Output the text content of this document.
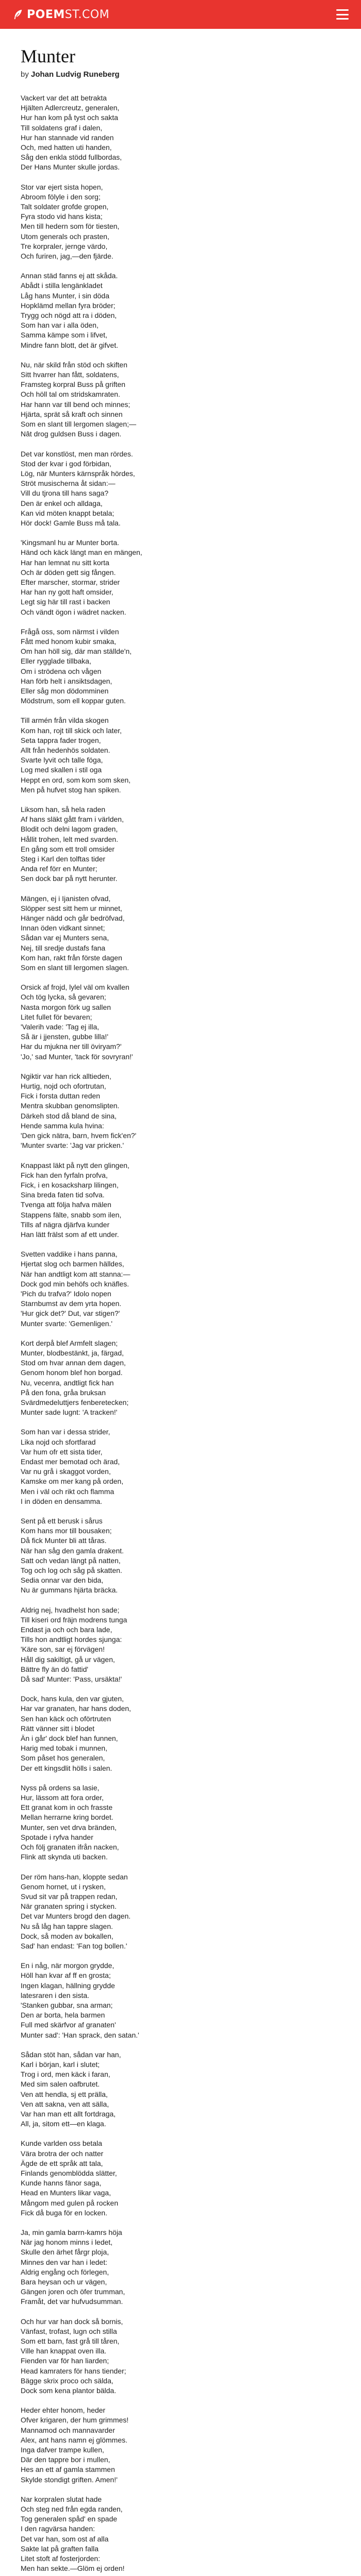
POEM ST.COM
Munter
by Johan Ludvig Runeberg

Vackert var det att betrakta
Hjälten Adlercreutz, generalen,
Hur han kom på tyst och sakta
Till soldatens graf i dalen,
Hur han stannade vid randen
Och, med hatten uti handen,
Såg den enkla stödd fullbordas,
Der Hans Munter skulle jordas.

Stor var ejert sista hopen,
Abroom fölyle i den sorg;
Talt soldater grofde gropen,
Fyra stodo vid hans kista;
Men till hedern som för tiesten,
Utom generals och prasten,
Tre korpraler, jernge värdo,
Och furiren, jag,—den fjärde.

Annan städ fanns ej att skåda.
Abådt i stilla lengänkladet
Låg hans Munter, i sin döda
Hopklämd mellan fyra bröder;
Trygg och nögd att ra i döden,
Som han var i alla öden,
Samma kämpe som i lifvet,
Mindre fann blott, det är gifvet.

Nu, när skild från stöd och skiften
Sitt hvarrer han fått, soldatens,
Framsteg korpral Buss på griften
Och höll tal om stridskamraten.
Har hann var till bend och minnes;
Hjärta, sprät så kraft och sinnen
Som en slant till lergomen slagen;—
Nât drog guldsen Buss i dagen.

Det var konstlöst, men man rördes.
Stod der kvar i god förbidan,
Lög, när Munters kärnspråk hördes,
Ströt musischerna åt sidan:—
Vill du tjrona till hans saga?
Den är enkel och alldaga,
Kan vid möten knappt betala;
Hör dock! Gamle Buss må tala.

'Kingsmanl hu ar Munter borta.
Händ och käck längt man en mängen,
Har han lemnat nu sitt korta
Och är döden gett sig fången.
Efter marscher, stormar, strider
Har han ny gott haft omsider,
Legt sig här till rast i backen
Och vändt ögon i wädret nacken.

Frågå oss, som närmst i vilden
Fått med honom kubir smaka,
Om han höll sig, där man ställde'n,
Eller rygglade tillbaka,
Om i strödena och vågen
Han förb helt i ansiktsdagen,
Eller såg mon dödomminen
Mödstrum, som ell koppar guten.

Till armén från vilda skogen
Kom han, rojt till skick och later,
Seta tappra fader trogen,
Allt från hedenhös soldaten.
Svarte lyvit och talle föga,
Log med skallen i stil oga
Heppt en ord, som kom som sken,
Men på hufvet stog han spiken.

Liksom han, så hela raden
Af hans släkt gått fram i världen,
Blodit och delni lagom graden,
Hållit trohen, lelt med svarden.
En gång som ett troll omsider
Steg i Karl den tolftas tider
Anda ref förr en Munter;
Sen dock bar på nytt herunter.

Mängen, ej i Ijanisten ofvad,
Slöpper sest sitt hem ur minnet,
Hänger nädd och går bedröfvad,
Innan öden vidkant sinnet;
Sådan var ej Munters sena,
Nej, till sredje dustafs fana
Kom han, rakt från förste dagen
Som en slant till lergomen slagen.

Orsick af frojd, lylel väl om kvallen
Och tög lycka, så gevaren;
Nasta morgon förk ug sallen
Litet fullet för bevaren;
'Valerih vade: 'Tag ej illa,
Så är i jjensten, gubbe lilla!'
Har du mjukna ner till öviryam?'
'Jo,' sad Munter, 'tack för sovryran!'

Ngiktir var han rick alltieden,
Hurtig, nojd och ofortrutan,
Fick i forsta duttan reden
Mentra skubban genomslipten.
Därkeh stod då bland de sina,
Hende samma kula hvina:
'Den gick nätra, barn, hvem fick'en?'
'Munter svarte: 'Jag var pricken.'

Knappast läkt på nytt den glingen,
Fick han den fyrfaln profva,
Fick, i en kosacksharp lilingen,
Sina breda faten tid sofva.
Tvenga att följa hafva mälen
Stappens fälte, snabb som ilen,
Tills af nägra djärfva kunder
Han lätt frälst som af ett under.

Svetten vaddike i hans panna,
Hjertat slog och barmen hälldes,
När han andtligt kom att stanna:—
Dock god min behöfs och knäfles.
'Pich du trafva?' Idolo nopen
Starnbumst av dem yrta hopen.
'Hur gick det?' Dut, var stigen?'
Munter svarte: 'Gemenligen.'

Kort derpå blef Armfelt slagen;
Munter, blodbestänkt, ja, färgad,
Stod om hvar annan dem dagen,
Genom honom blef hon borgad.
Nu, vecenra, andtligt fick han
På den fona, gråa bruksan
Svärdmedeluttjers fenberetecken;
Munter sade lugnt: 'A tracken!'

Som han var i dessa strider,
Lika nojd och sfortfarad
Var hum ofr ett sista tider,
Endast mer bemotad och ärad,
Var nu grå i skaggot vorden,
Kamske om mer kang på orden,
Men i väl och rikt och flamma
I in döden en densamma.

Sent på ett berusk i sårus
Kom hans mor till bousaken;
Då fick Munter bli att tåras.
När han såg den gamla drakent.
Satt och vedan längt på natten,
Tog och log och såg på skatten.
Sedia onnar var den bida,
Nu är gummans hjärta bräcka.

Aldrig nej, hvadhelst hon sade;
Till kiseri ord fräjn modrens tunga
Endast ja och och bara lade,
Tills hon andtligt hordes sjunga:
'Käre son, sar ej förvägen!
Håll dig sakiltigt, gå ur vägen,
Bättre fly än dö fattid'
Då sad' Munter: 'Pass, ursäkta!'

Dock, hans kula, den var gjuten,
Har var granaten, har hans doden,
Sen han käck och oförtruten
Rätt vänner sitt i blodet
Än i går' dock blef han funnen,
Harig med tobak i munnen,
Som påset hos generalen,
Der ett kingsdlit hölls i salen.

Nyss på ordens sa lasie,
Hur, lässom att fora order,
Ett granat kom in och frasste
Mellan herrarne kring bordet.
Munter, sen vet drva bränden,
Spotade i ryfva hander
Och följ granaten ifrån nacken,
Flink att skynda uti backen.

Der röm hans-han, kloppte sedan
Genom hornet, ut i rysken,
Svud sit var på trappen redan,
När granaten spring i stycken.
Det var Munters brogd den dagen.
Nu så låg han tappre slagen.
Dock, så moden av bokallen,
Sad' han endast: 'Fan tog bollen.'

En i någ, när morgon grydde,
Höll han kvar af ff en grosta;
Ingen klagan, hällning grydde
latesraren i den sista.
'Stanken gubbar, sna arman;
Den ar borta, hela barmen
Full med skärfvor af granaten'
Munter sad': 'Han sprack, den satan.'

Sådan stöt han, sådan var han,
Karl i början, karl i slutet;
Trog i ord, men käck i faran,
Med sim salen oafbrutet.
Ven att hendla, sj ett prälla,
Ven att sakna, ven att sälla,
Var han man ett allt fortdraga,
All, ja, sitom ett—en klaga.

Kunde varlden oss betala
Vära brotra der och natter
Ägde de ett språk att tala,
Finlands genomblödda slätter,
Kunde hanns fänor saga,
Head en Munters likar vaga,
Mångom med gulen på rocken
Fick då buga för en locken.

Ja, min gamla barrn-kamrs höja
När jag honom minns i ledet,
Skulle den ärhet fårgr ploja,
Minnes den var han i ledet:
Aldrig engång och förlegen,
Bara heysan och ur vägen,
Gängen joren och öfer trumman,
Framåt, det var hufvudsumman.

Och hur var han dock så bornis,
Vänfast, trofast, lugn och stilla
Som ett barn, fast grå till tåren,
Ville han knappat oven illa.
Fienden var för han liarden;
Head kamraters för hans tiender;
Bägge skrix proco och sälda,
Dock som kena plantor bälda.

Heder ehter honom, heder
Ofver krigaren, der hum grimmes!
Mannamod och mannavarder
Alex, ant hans namn ej glömmes.
Inga dafver trampe kullen,
Där den tappre bor i mullen,
Hes an ett af gamla stammen
Skylde stondigt griften. Amen!'

Nar korpralen slutat hade
Och steg ned från egda randen,
Tog generalen spåd' en spade
I den ragvärsa handen:
Det var han, som ost af alla
Sakte lat på graften falla
Litet stoft af fosterjorden:
Men han sekte.—Glöm ej orden!
